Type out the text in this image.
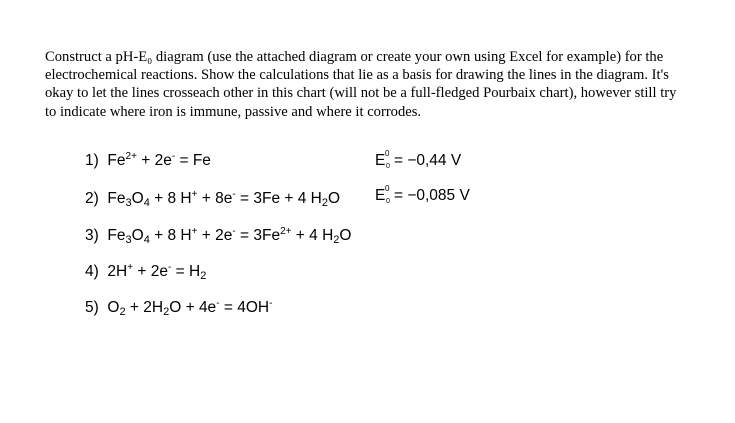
Construct a pH-E₀ diagram (use the attached diagram or create your own using Excel for example) for the electrochemical reactions. Show the calculations that lie as a basis for drawing the lines in the diagram. It's okay to let the lines crosseach other in this chart (will not be a full-fledged Pourbaix chart), however still try to indicate where iron is immune, passive and where it corrodes.

1) $Fe^{2+} + 2e^- = Fe$	E 0
0 = −0,44 V
2) $Fe_3O_4 + 8$ H+ + 8e- = 3Fe + 4 $H_2O$ E 0
0 = −0,085 V
3) $Fe_3O_4 + 8$ $H^+ + 2e^- = 3Fe^{2+} + 4$ $H_2O$
4) $2H^+ + 2e^- = H_2$
5) $O_2 + 2H_2O + 4e^- = 4OH^-$
